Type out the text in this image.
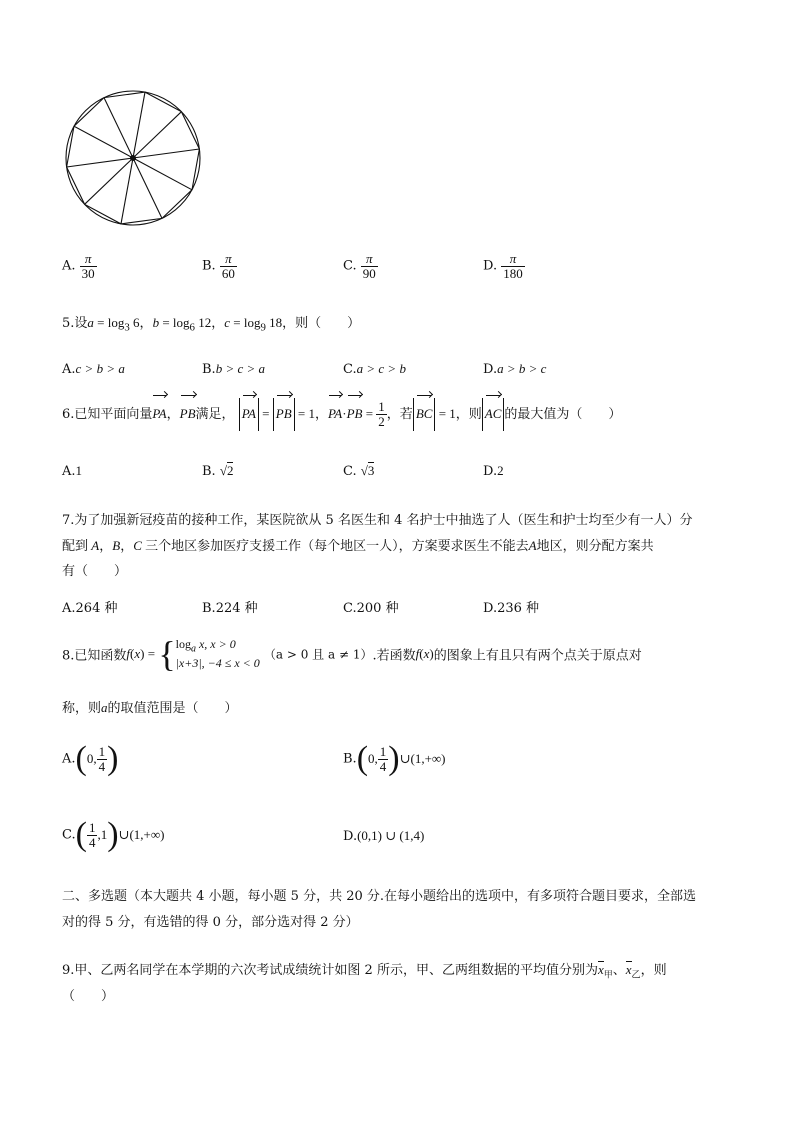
A. $\frac{\pi}{30}$	B. $\frac{\pi}{60}$	C. $\frac{\pi}{90}$	D. $\frac{\pi}{180}$
5.设$a = \log_3 6$，$b = \log_6 12$，$c = \log_9 18$，则（　　）
A.c > b > a	B.b > c > a	C.a > c > b	D.a > b > c
6.已知平面向量PA，PB满足， PA = PB = 1，$PA\cdot PB = \frac{1}{2}$ ，若 BC = 1，则 AC 的最大值为（　　）
A.1	B. √2	C. √3	D.2
7.为了加强新冠疫苗的接种工作，某医院欲从 5 名医生和 4 名护士中抽选了人（医生和护士均至少有一人）分
配到 A，B，C 三个地区参加医疗支援工作（每个地区一人），方案要求医生不能去A地区，则分配方案共
有（　　）
A.264 种	B.224 种	C.200 种	D.236 种
8.已知函数f(x) = { $\log_a x$, x > 0
|x+3|, −4 ≤ x < 0
（a > 0 且 a ≠ 1）.若函数f(x)的图象上有且只有两个点关于原点对
称，则a的取值范围是（　　）
A.(0, $\frac{1}{4}$ )	B.(0, $\frac{1}{4}$ )∪(1,+∞)
$C.( \frac{1}{4}$ ,1)∪(1,+∞)	D.(0,1) ∪ (1,4)
二、多选题（本大题共 4 小题，每小题 5 分，共 20 分.在每小题给出的选项中，有多项符合题目要求，全部选
对的得 5 分，有选错的得 0 分，部分选对得 2 分）
9.甲、乙两名同学在本学期的六次考试成绩统计如图 2 所示，甲、乙两组数据的平均值分别为$x_甲$、$x_乙$，则
（　　）
